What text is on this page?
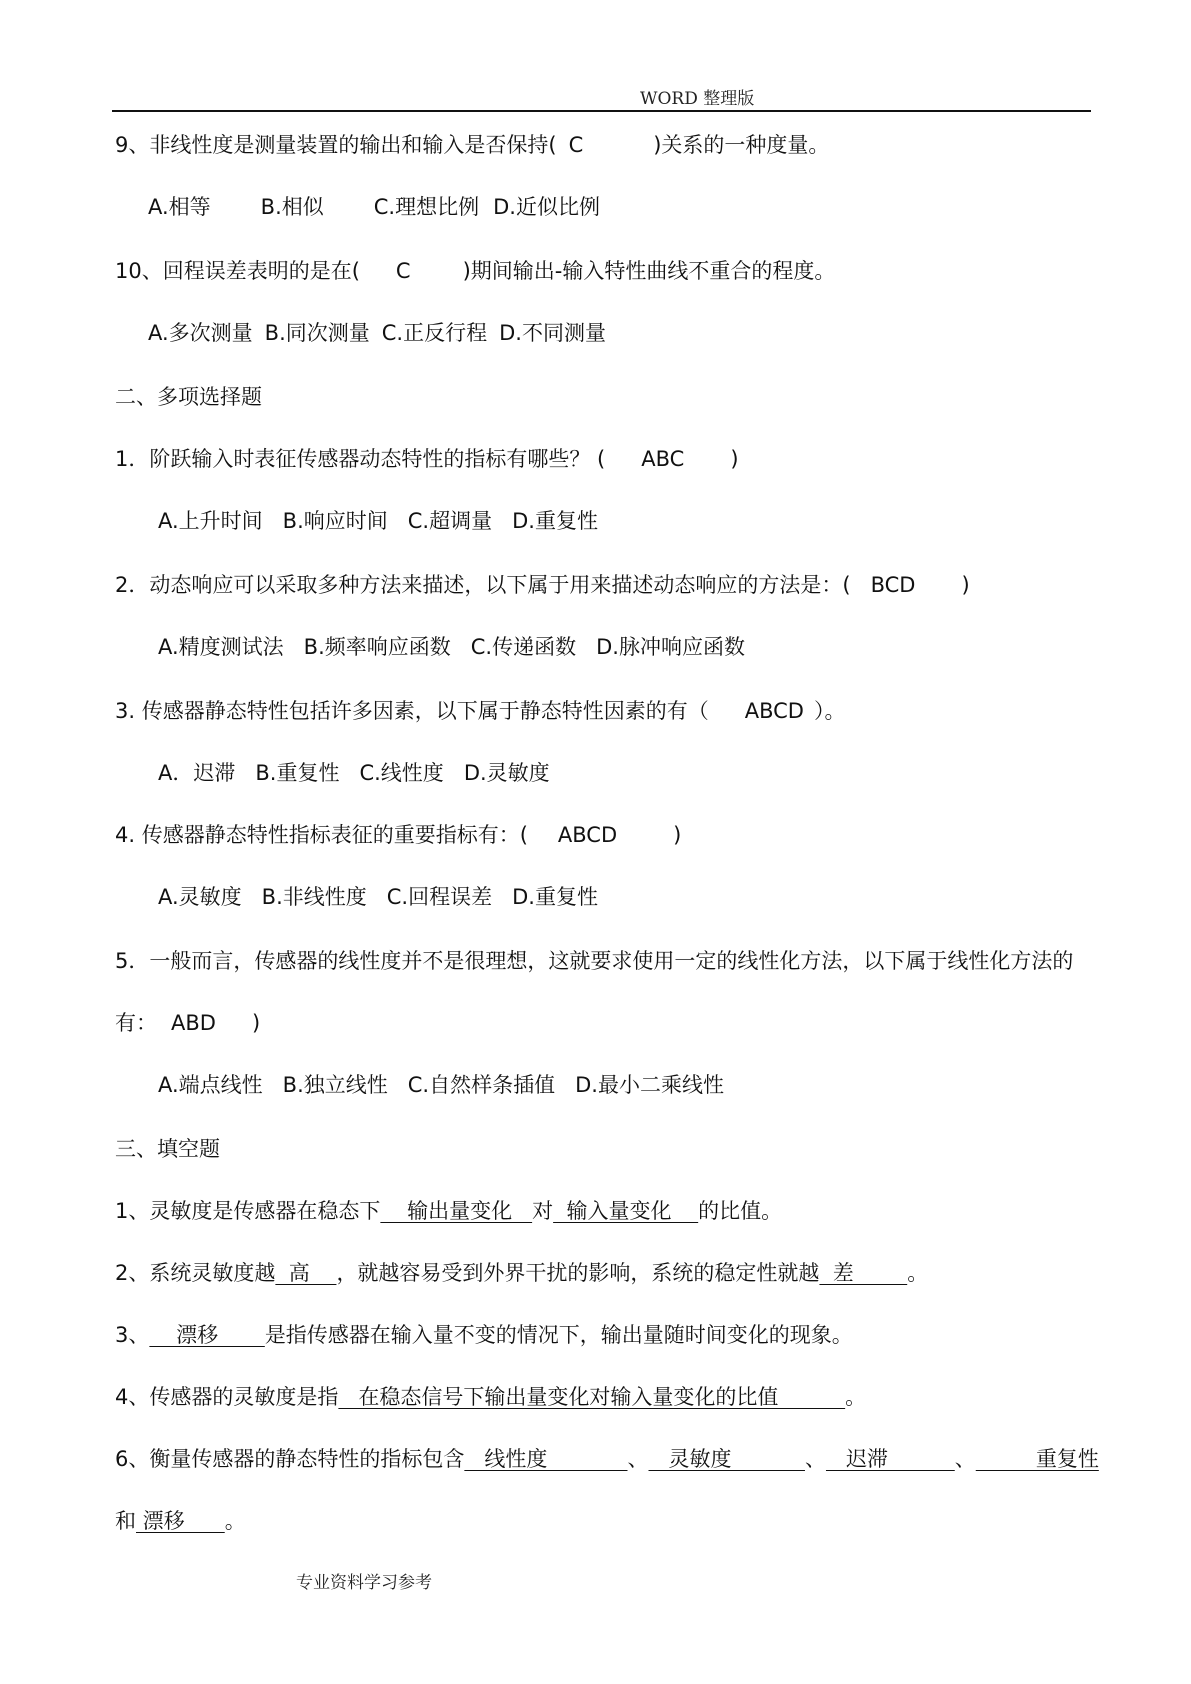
WORD 整理版
9、非线性度是测量装置的输出和输入是否保持( C	)关系的一种度量。
A.相等 B.相似 C.理想比例 D.近似比例
10、回程误差表明的是在( C )期间输出-输入特性曲线不重合的程度。
A.多次测量 B.同次测量 C.正反行程 D.不同测量
二、多项选择题
1．阶跃输入时表征传感器动态特性的指标有哪些？ ( ABC )
A.上升时间 B.响应时间 C.超调量 D.重复性
2．动态响应可以采取多种方法来描述，以下属于用来描述动态响应的方法是：( BCD )
A.精度测试法 B.频率响应函数 C.传递函数 D.脉冲响应函数
3. 传感器静态特性包括许多因素，以下属于静态特性因素的有（ ABCD ）。
A．迟滞 B.重复性 C.线性度 D.灵敏度
4. 传感器静态特性指标表征的重要指标有：( ABCD	)
A.灵敏度 B.非线性度 C.回程误差 D.重复性
5．一般而言，传感器的线性度并不是很理想，这就要求使用一定的线性化方法，以下属于线性化方法的
有： ABD )
A.端点线性 B.独立线性 C.自然样条插值 D.最小二乘线性
三、填空题
1、灵敏度是传感器在稳态下    输出量变化   对  输入量变化    的比值。
2、系统灵敏度越  高    ，就越容易受到外界干扰的影响，系统的稳定性就越  差        。
3、    漂移       是指传感器在输入量不变的情况下，输出量随时间变化的现象。
4、传感器的灵敏度是指   在稳态信号下输出量变化对输入量变化的比值          。
6、衡量传感器的静态特性的指标包含   线性度            、   灵敏度           、   迟滞          、         重复性
和 漂移      。
专业资料学习参考
